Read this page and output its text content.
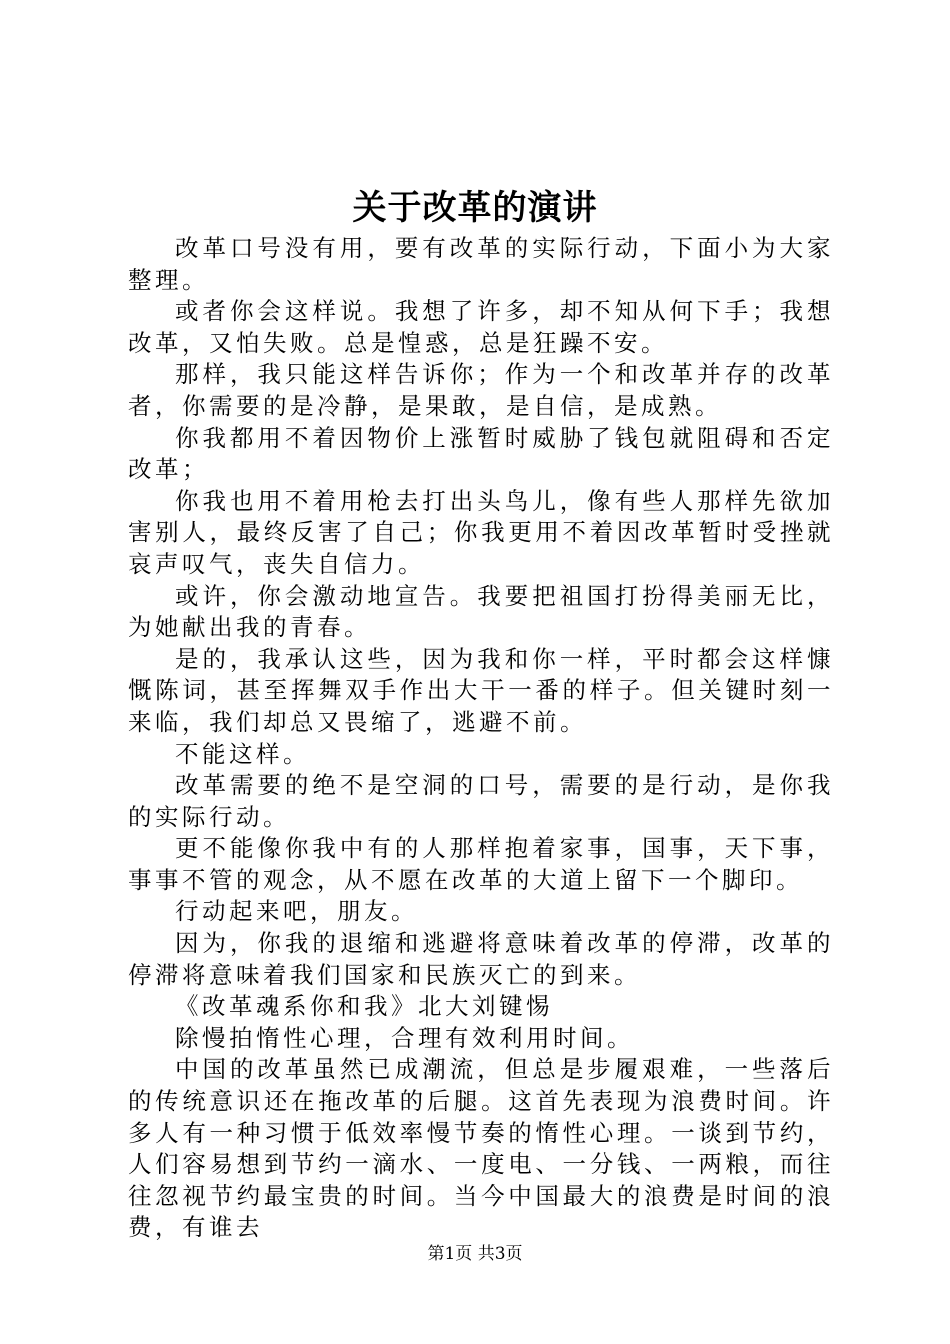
关于改革的演讲

改革口号没有用，要有改革的实际行动，下面小为大家整理。

或者你会这样说。我想了许多，却不知从何下手；我想改革，又怕失败。总是惶惑，总是狂躁不安。

那样，我只能这样告诉你；作为一个和改革并存的改革者，你需要的是冷静，是果敢，是自信，是成熟。

你我都用不着因物价上涨暂时威胁了钱包就阻碍和否定改革；

你我也用不着用枪去打出头鸟儿，像有些人那样先欲加害别人，最终反害了自己；你我更用不着因改革暂时受挫就哀声叹气，丧失自信力。

或许，你会激动地宣告。我要把祖国打扮得美丽无比，为她献出我的青春。

是的，我承认这些，因为我和你一样，平时都会这样慷慨陈词，甚至挥舞双手作出大干一番的样子。但关键时刻一来临，我们却总又畏缩了，逃避不前。

不能这样。

改革需要的绝不是空洞的口号，需要的是行动，是你我的实际行动。

更不能像你我中有的人那样抱着家事，国事，天下事，事事不管的观念，从不愿在改革的大道上留下一个脚印。

行动起来吧，朋友。

因为，你我的退缩和逃避将意味着改革的停滞，改革的停滞将意味着我们国家和民族灭亡的到来。

《改革魂系你和我》北大刘键惕

除慢拍惰性心理，合理有效利用时间。

中国的改革虽然已成潮流，但总是步履艰难，一些落后的传统意识还在拖改革的后腿。这首先表现为浪费时间。许多人有一种习惯于低效率慢节奏的惰性心理。一谈到节约，人们容易想到节约一滴水、一度电、一分钱、一两粮，而往往忽视节约最宝贵的时间。当今中国最大的浪费是时间的浪费，有谁去

第1页 共3页
